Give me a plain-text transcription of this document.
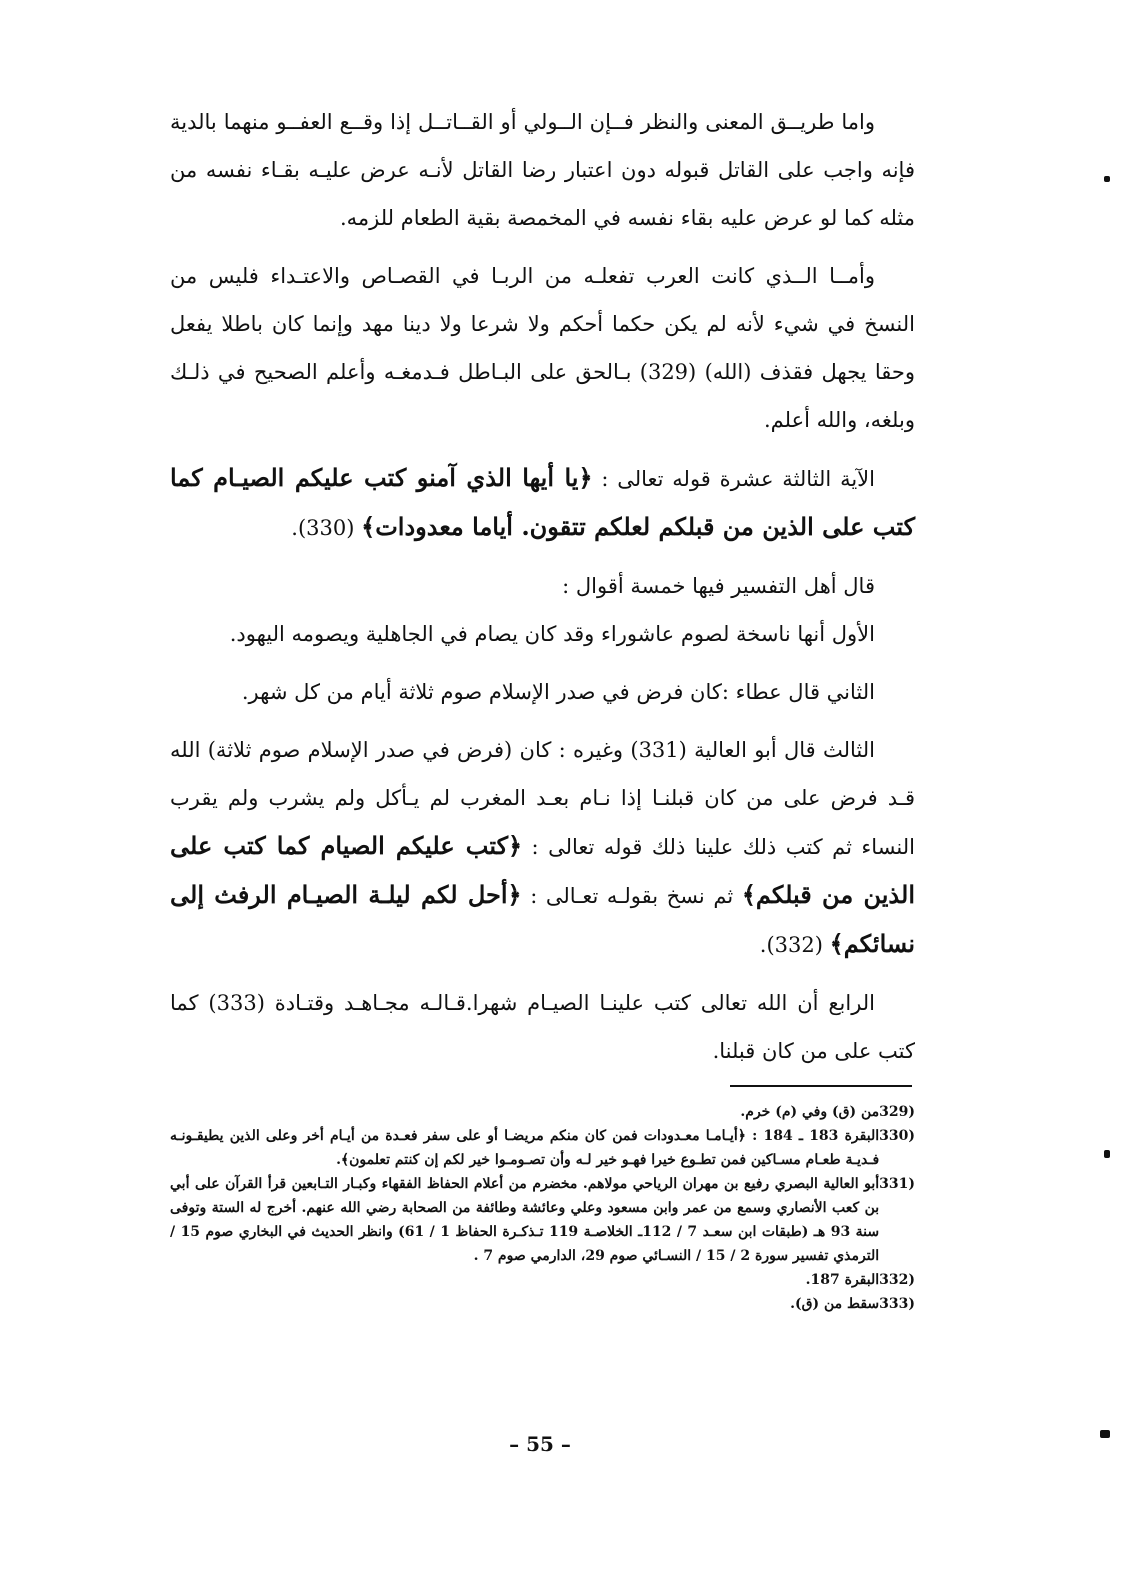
واما طريــق المعنى والنظر فــإن الــولي أو القــاتــل إذا وقــع العفــو منهما بالدية فإنه واجب على القاتل قبوله دون اعتبار رضا القاتل لأنـه عرض عليـه بقـاء نفسه من مثله كما لو عرض عليه بقاء نفسه في المخمصة بقية الطعام للزمه.

وأمــا الــذي كانت العرب تفعلـه من الربـا في القصـاص والاعتـداء فليس من النسخ في شيء لأنه لم يكن حكما أحكم ولا شرعا ولا دينا مهد وإنما كان باطلا يفعل وحقا يجهل فقذف (الله) (329) بـالحق على البـاطل فـدمغـه وأعلم الصحيح في ذلـك وبلغه، والله أعلم.

الآية الثالثة عشرة قوله تعالى : ﴿يا أيها الذي آمنو كتب عليكم الصيـام كما كتب على الذين من قبلكم لعلكم تتقون. أياما معدودات﴾ (330).

قال أهل التفسير فيها خمسة أقوال :

الأول أنها ناسخة لصوم عاشوراء وقد كان يصام في الجاهلية ويصومه اليهود.

الثاني قال عطاء :كان فرض في صدر الإسلام صوم ثلاثة أيام من كل شهر.

الثالث قال أبو العالية (331) وغيره : كان (فرض في صدر الإسلام صوم ثلاثة) الله قـد فرض على من كان قبلنـا إذا نـام بعـد المغرب لم يـأكل ولم يشرب ولم يقرب النساء ثم كتب ذلك علينا ذلك قوله تعالى : ﴿كتب عليكم الصيام كما كتب على الذين من قبلكم﴾ ثم نسخ بقولـه تعـالى : ﴿أحل لكم ليلـة الصيـام الرفث إلى نسائكم﴾ (332).

الرابع أن الله تعالى كتب علينـا الصيـام شهرا.قـالـه مجـاهـد وقتـادة (333) كما كتب على من كان قبلنا.

(329
من (ق) وفي (م) خرم.
(330
البقرة 183 ـ 184 : ﴿أيـامـا معـدودات فمن كان منكم مريضـا أو على سفر فعـدة من أيـام أخر وعلى الذين يطيقـونـه فـديـة طعـام مسـاكين فمن تطـوع خيرا فهـو خير لـه وأن تصـومـوا خير لكم إن كنتم تعلمون﴾.
(331
أبو العالية البصري رفيع بن مهران الرياحي مولاهم. مخضرم من أعلام الحفاظ الفقهاء وكبـار التـابعين قرأ القرآن على أبي بن كعب الأنصاري وسمع من عمر وابن مسعود وعلي وعائشة وطائفة من الصحابة رضي الله عنهم. أخرج له الستة وتوفى سنة 93 هـ (طبقات ابن سعـد 7 / 112ـ الخلاصـة 119 تـذكـرة الحفاظ 1 / 61) وانظر الحديث في البخاري صوم 15 / الترمذي تفسير سورة 2 / 15 / النسـائي صوم 29، الدارمي صوم 7 .
(332
البقرة 187.
(333
سقط من (ق).
– 55 –
